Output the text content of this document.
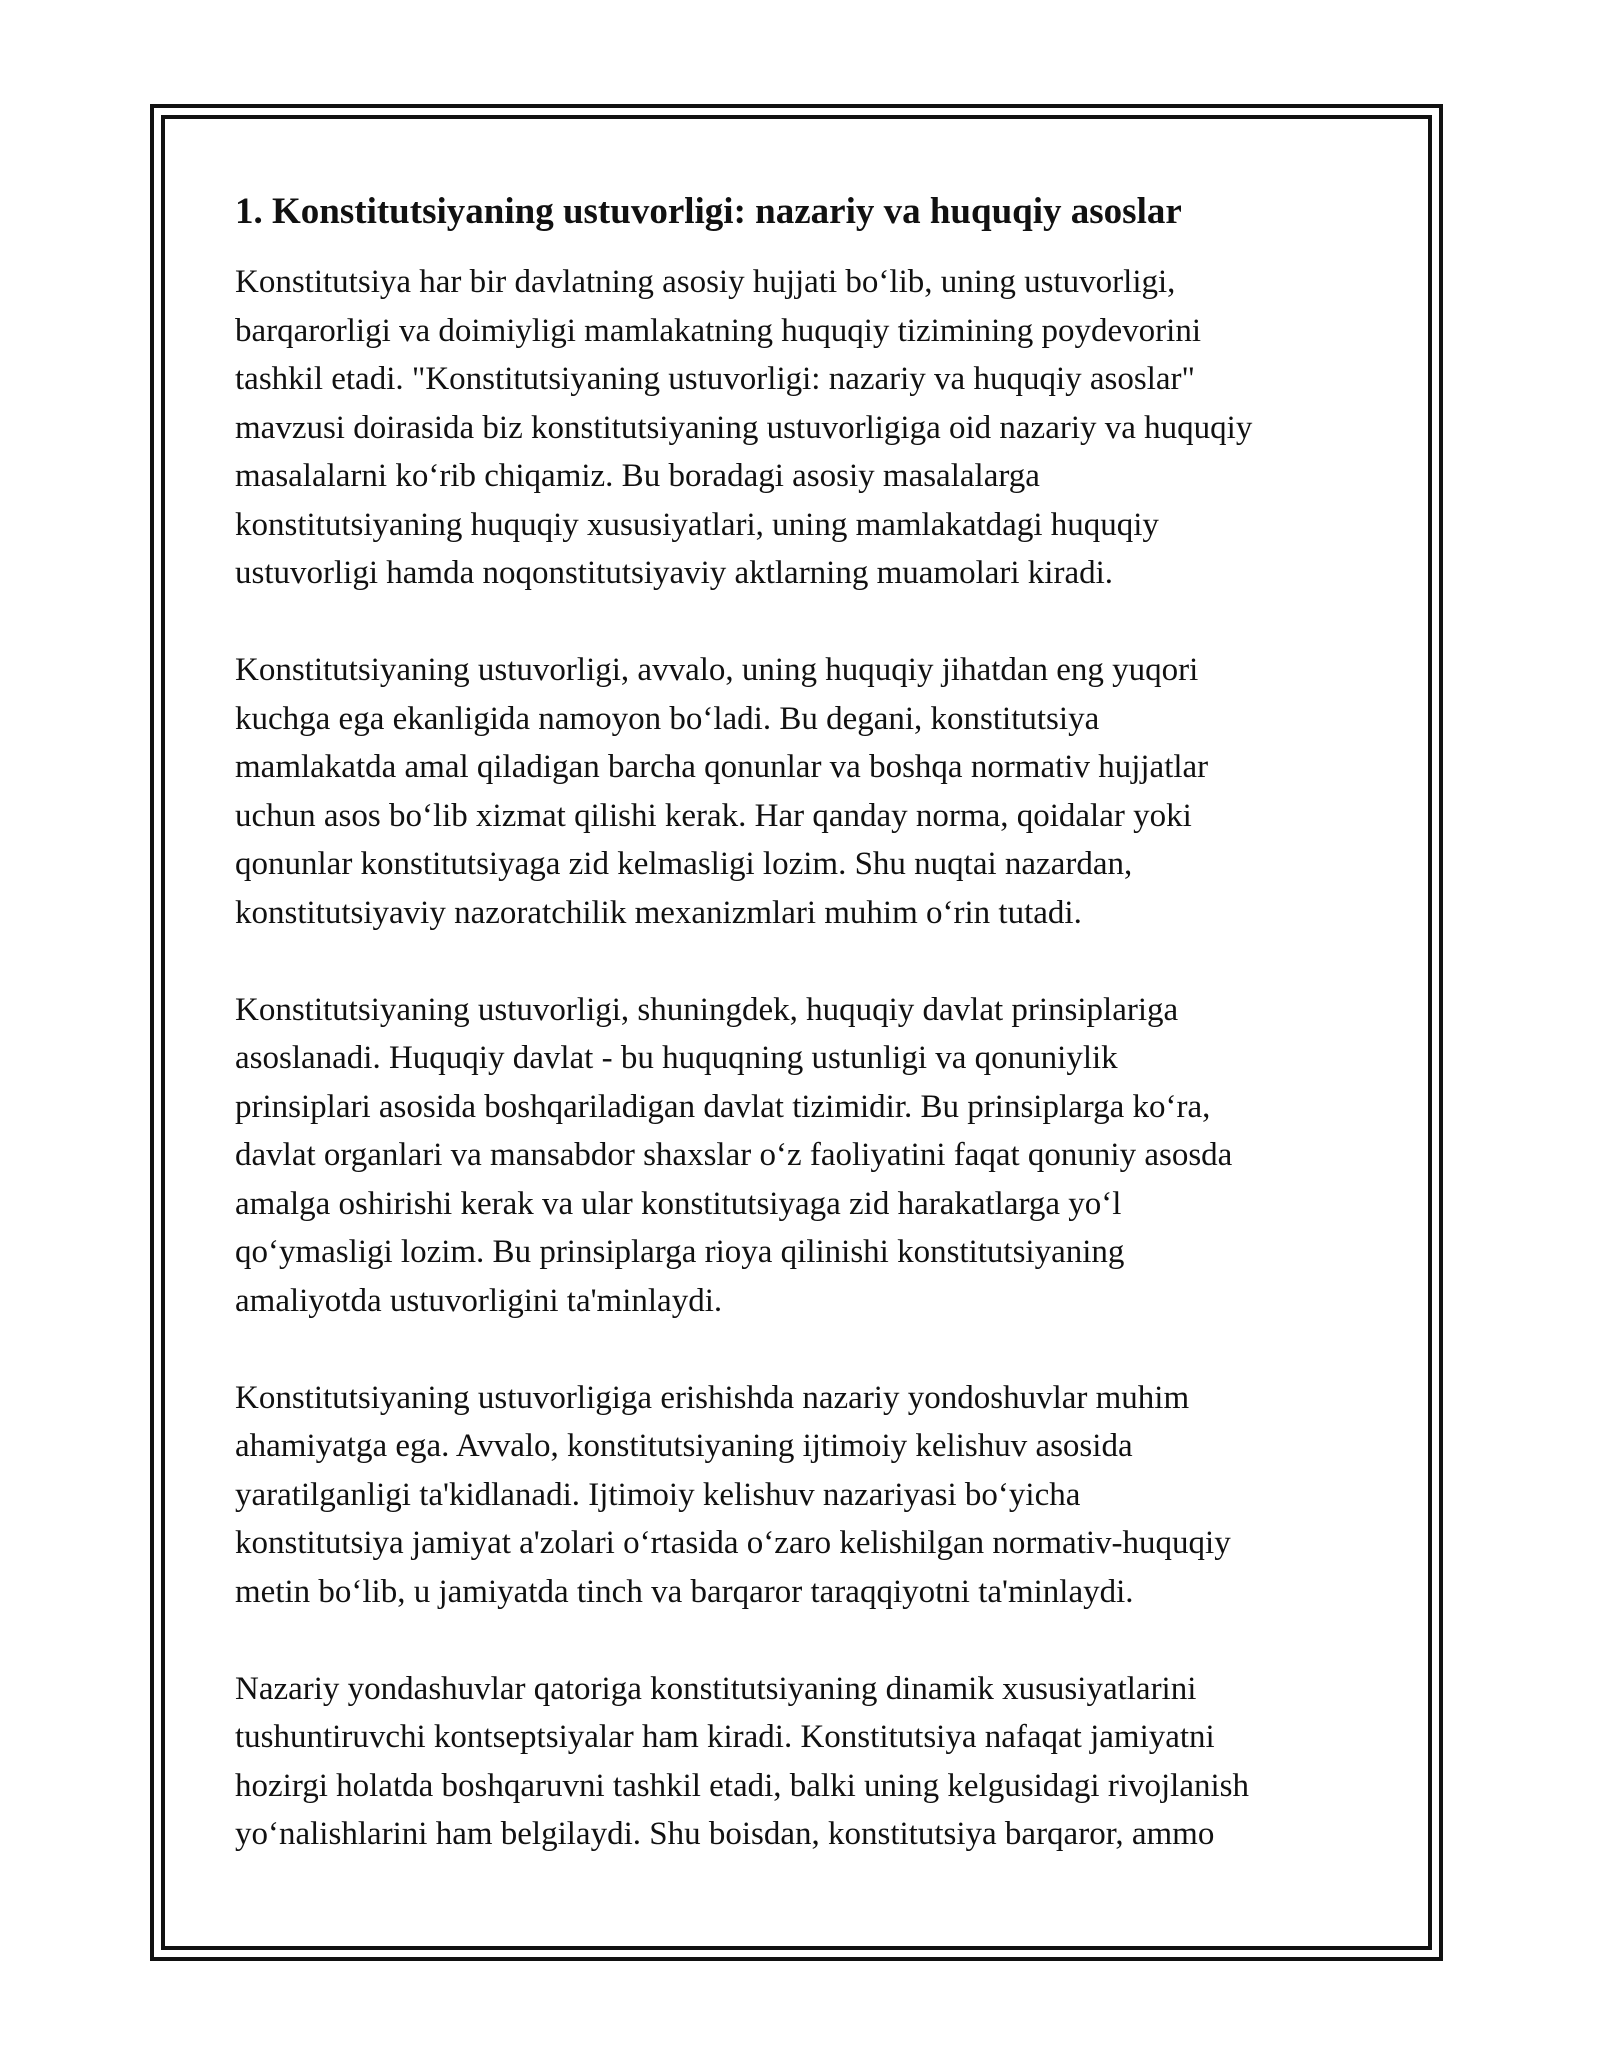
1. Konstitutsiyaning ustuvorligi: nazariy va huquqiy asoslar

Konstitutsiya har bir davlatning asosiy hujjati bo‘lib, uning ustuvorligi,
barqarorligi va doimiyligi mamlakatning huquqiy tizimining poydevorini
tashkil etadi. "Konstitutsiyaning ustuvorligi: nazariy va huquqiy asoslar"
mavzusi doirasida biz konstitutsiyaning ustuvorligiga oid nazariy va huquqiy
masalalarni ko‘rib chiqamiz. Bu boradagi asosiy masalalarga
konstitutsiyaning huquqiy xususiyatlari, uning mamlakatdagi huquqiy
ustuvorligi hamda noqonstitutsiyaviy aktlarning muamolari kiradi.

Konstitutsiyaning ustuvorligi, avvalo, uning huquqiy jihatdan eng yuqori
kuchga ega ekanligida namoyon bo‘ladi. Bu degani, konstitutsiya
mamlakatda amal qiladigan barcha qonunlar va boshqa normativ hujjatlar
uchun asos bo‘lib xizmat qilishi kerak. Har qanday norma, qoidalar yoki
qonunlar konstitutsiyaga zid kelmasligi lozim. Shu nuqtai nazardan,
konstitutsiyaviy nazoratchilik mexanizmlari muhim o‘rin tutadi.

Konstitutsiyaning ustuvorligi, shuningdek, huquqiy davlat prinsiplariga
asoslanadi. Huquqiy davlat - bu huquqning ustunligi va qonuniylik
prinsiplari asosida boshqariladigan davlat tizimidir. Bu prinsiplarga ko‘ra,
davlat organlari va mansabdor shaxslar o‘z faoliyatini faqat qonuniy asosda
amalga oshirishi kerak va ular konstitutsiyaga zid harakatlarga yo‘l
qo‘ymasligi lozim. Bu prinsiplarga rioya qilinishi konstitutsiyaning
amaliyotda ustuvorligini ta'minlaydi.

Konstitutsiyaning ustuvorligiga erishishda nazariy yondoshuvlar muhim
ahamiyatga ega. Avvalo, konstitutsiyaning ijtimoiy kelishuv asosida
yaratilganligi ta'kidlanadi. Ijtimoiy kelishuv nazariyasi bo‘yicha
konstitutsiya jamiyat a'zolari o‘rtasida o‘zaro kelishilgan normativ-huquqiy
metin bo‘lib, u jamiyatda tinch va barqaror taraqqiyotni ta'minlaydi.

Nazariy yondashuvlar qatoriga konstitutsiyaning dinamik xususiyatlarini
tushuntiruvchi kontseptsiyalar ham kiradi. Konstitutsiya nafaqat jamiyatni
hozirgi holatda boshqaruvni tashkil etadi, balki uning kelgusidagi rivojlanish
yo‘nalishlarini ham belgilaydi. Shu boisdan, konstitutsiya barqaror, ammo
